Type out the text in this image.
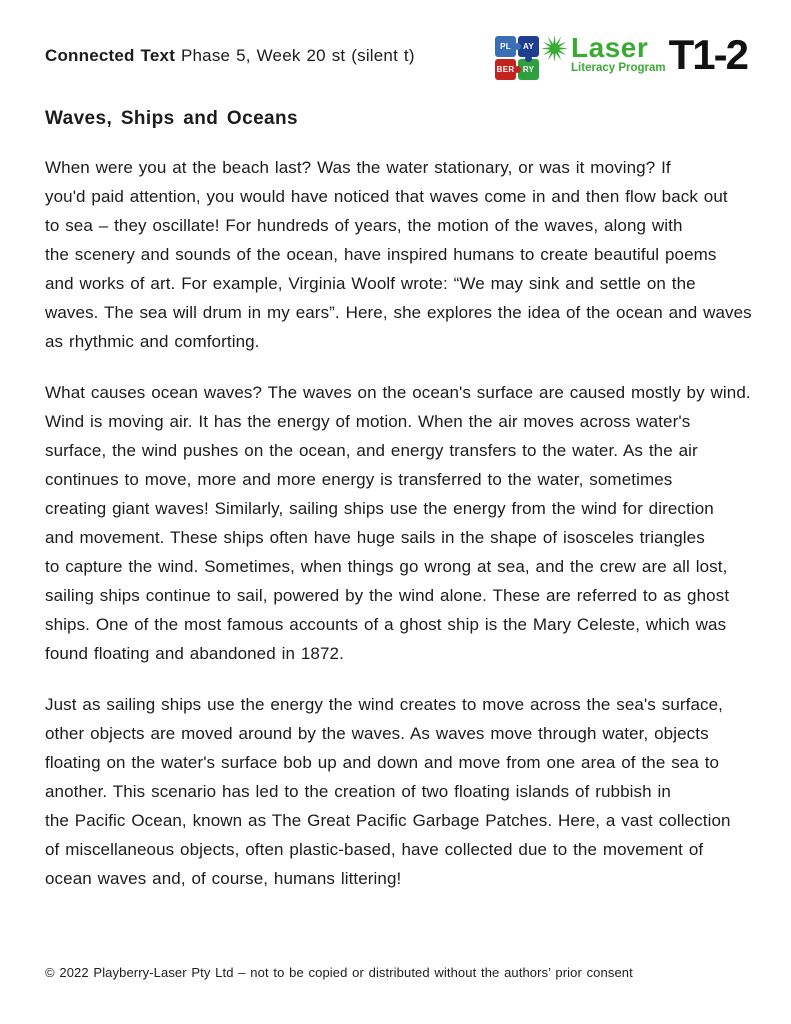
Connected Text Phase 5, Week 20 st (silent t)	PL	AY
BER	RY
Laser
Literacy Program T1-2
Waves, Ships and Oceans
When were you at the beach last? Was the water stationary, or was it moving? If
you'd paid attention, you would have noticed that waves come in and then flow back out
to sea – they oscillate! For hundreds of years, the motion of the waves, along with
the scenery and sounds of the ocean, have inspired humans to create beautiful poems
and works of art. For example, Virginia Woolf wrote: “We may sink and settle on the
waves. The sea will drum in my ears”. Here, she explores the idea of the ocean and waves
as rhythmic and comforting.
What causes ocean waves? The waves on the ocean's surface are caused mostly by wind.
Wind is moving air. It has the energy of motion. When the air moves across water's
surface, the wind pushes on the ocean, and energy transfers to the water. As the air
continues to move, more and more energy is transferred to the water, sometimes
creating giant waves! Similarly, sailing ships use the energy from the wind for direction
and movement. These ships often have huge sails in the shape of isosceles triangles
to capture the wind. Sometimes, when things go wrong at sea, and the crew are all lost,
sailing ships continue to sail, powered by the wind alone. These are referred to as ghost
ships. One of the most famous accounts of a ghost ship is the Mary Celeste, which was
found floating and abandoned in 1872.
Just as sailing ships use the energy the wind creates to move across the sea's surface,
other objects are moved around by the waves. As waves move through water, objects
floating on the water's surface bob up and down and move from one area of the sea to
another. This scenario has led to the creation of two floating islands of rubbish in
the Pacific Ocean, known as The Great Pacific Garbage Patches. Here, a vast collection
of miscellaneous objects, often plastic-based, have collected due to the movement of
ocean waves and, of course, humans littering!
© 2022 Playberry-Laser Pty Ltd – not to be copied or distributed without the authors’ prior consent
